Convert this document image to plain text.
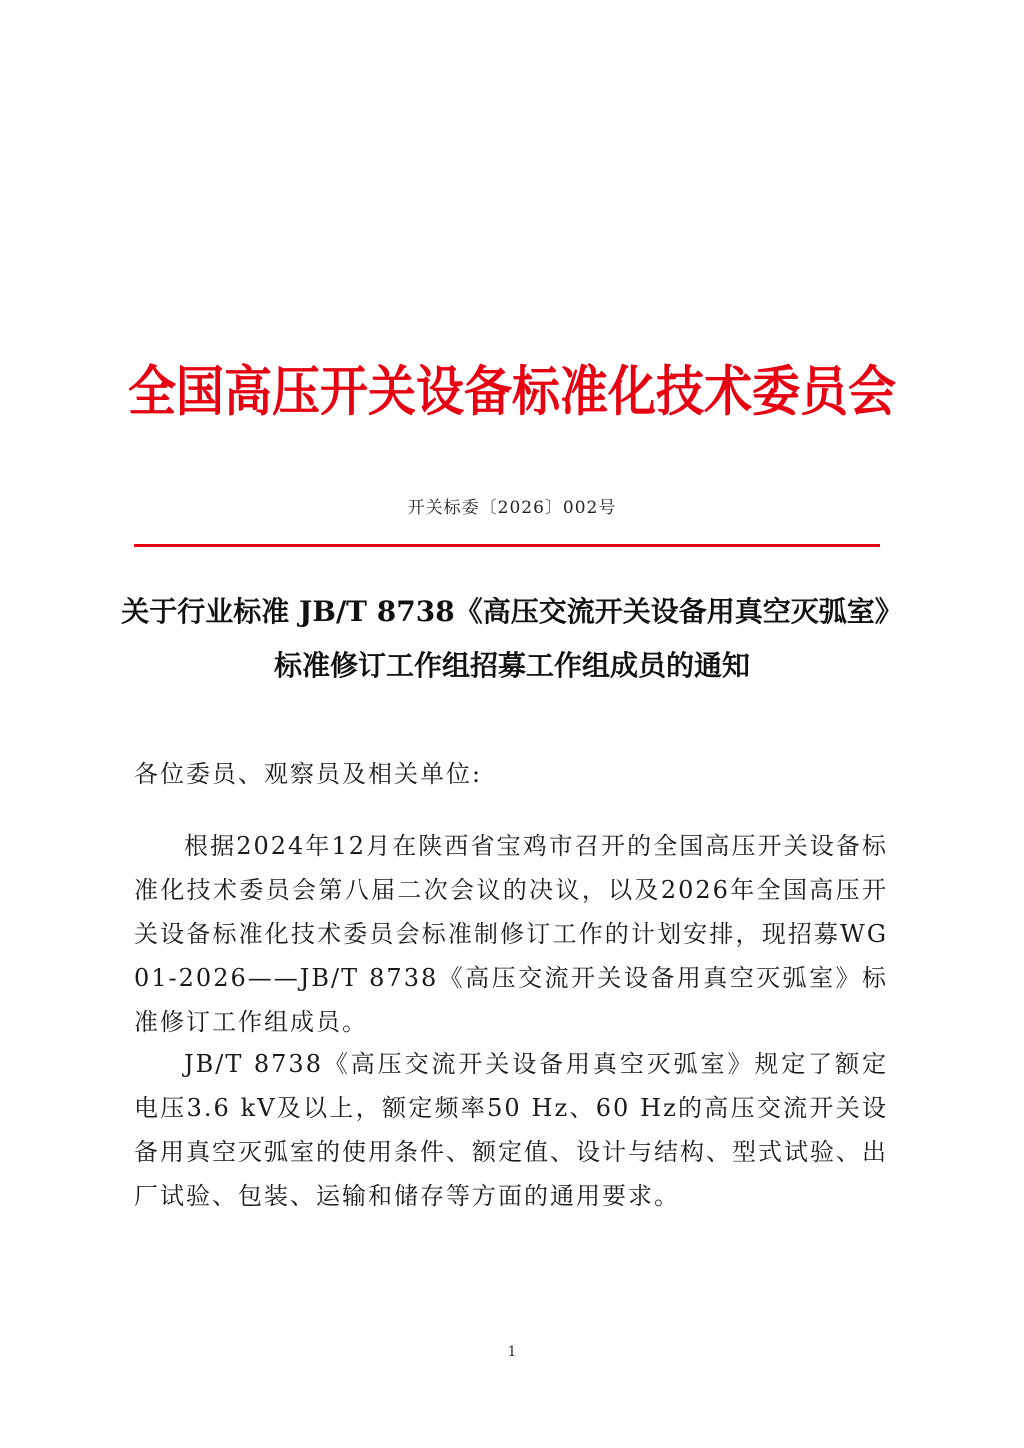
全国高压开关设备标准化技术委员会
开关标委〔2026〕002号
关于行业标准 JB/T 8738《高压交流开关设备用真空灭弧室》标准修订工作组招募工作组成员的通知
各位委员、观察员及相关单位:

根据2024年12月在陕西省宝鸡市召开的全国高压开关设备标准化技术委员会第八届二次会议的决议，以及2026年全国高压开关设备标准化技术委员会标准制修订工作的计划安排，现招募WG 01-2026——JB/T 8738《高压交流开关设备用真空灭弧室》标准修订工作组成员。

JB/T 8738《高压交流开关设备用真空灭弧室》规定了额定电压3.6 kV及以上，额定频率50 Hz、60 Hz的高压交流开关设备用真空灭弧室的使用条件、额定值、设计与结构、型式试验、出厂试验、包装、运输和储存等方面的通用要求。

1
